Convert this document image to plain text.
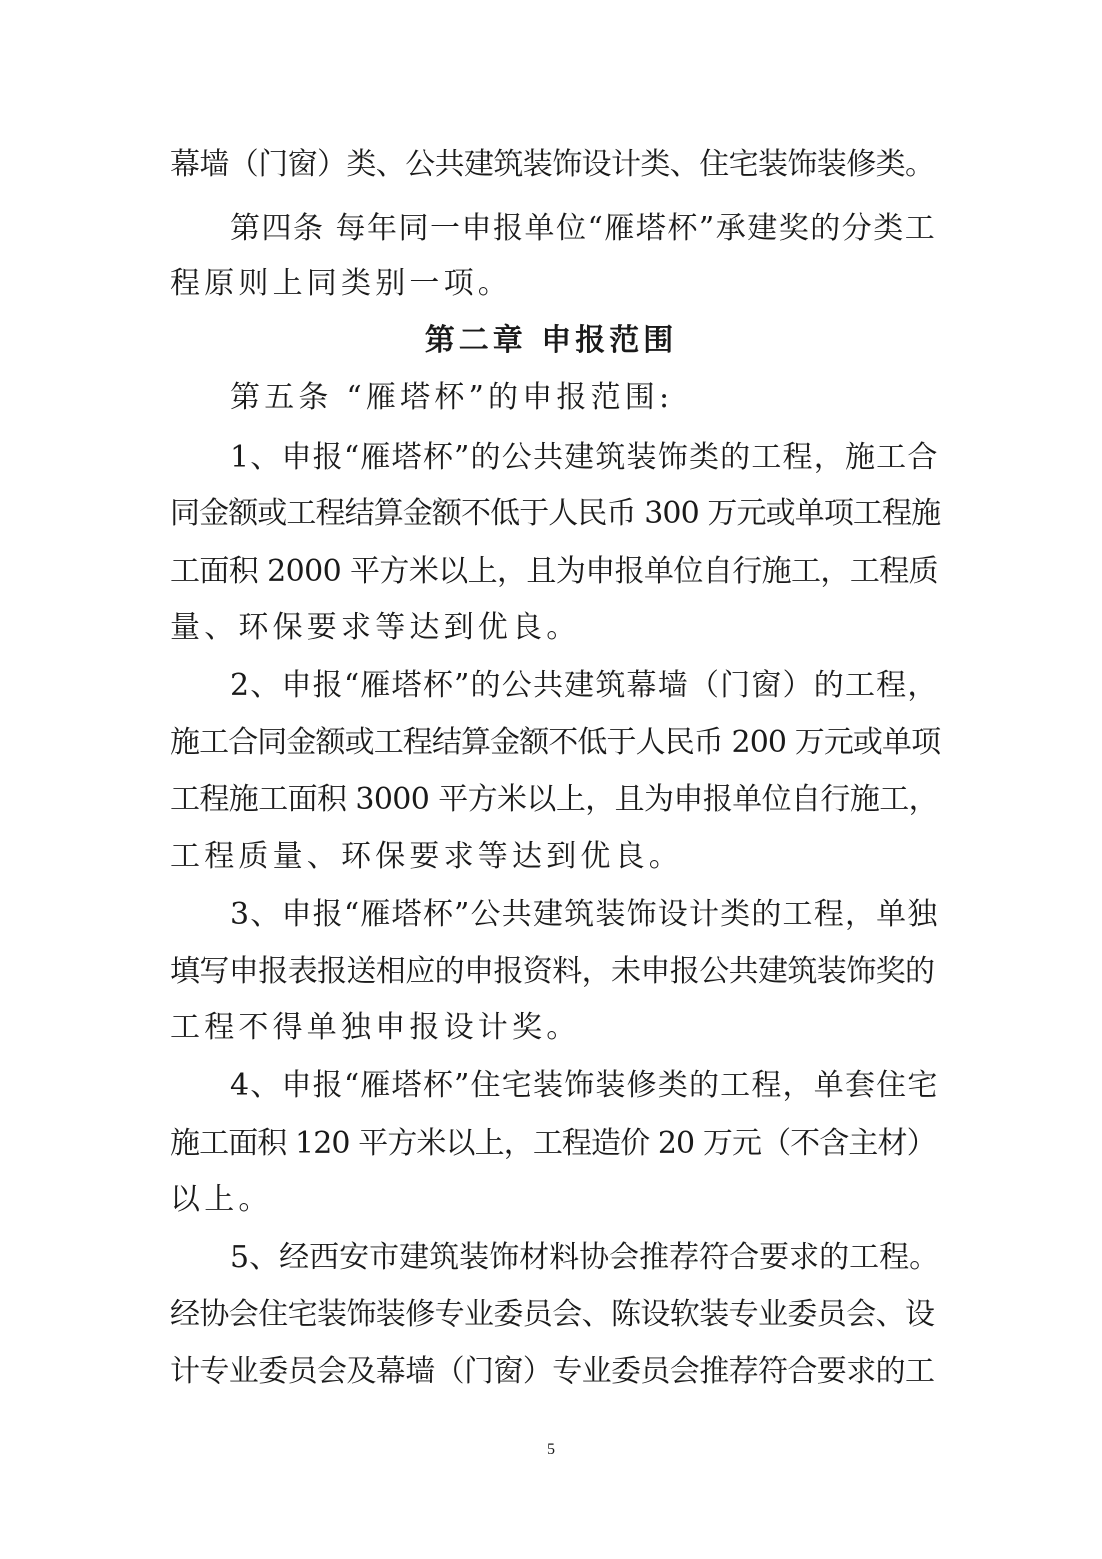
幕墙（门窗）类、公共建筑装饰设计类、住宅装饰装修类。
第四条 每年同一申报单位“雁塔杯”承建奖的分类工
程原则上同类别一项。
第二章 申报范围
第五条 “雁塔杯”的申报范围:
1、申报“雁塔杯”的公共建筑装饰类的工程，施工合
同金额或工程结算金额不低于人民币 300 万元或单项工程施
工面积 2000 平方米以上，且为申报单位自行施工，工程质
量、环保要求等达到优良。
2、申报“雁塔杯”的公共建筑幕墙（门窗）的工程，
施工合同金额或工程结算金额不低于人民币 200 万元或单项
工程施工面积 3000 平方米以上，且为申报单位自行施工，
工程质量、环保要求等达到优良。
3、申报“雁塔杯”公共建筑装饰设计类的工程，单独
填写申报表报送相应的申报资料，未申报公共建筑装饰奖的
工程不得单独申报设计奖。
4、申报“雁塔杯”住宅装饰装修类的工程，单套住宅
施工面积 120 平方米以上，工程造价 20 万元（不含主材）
以上。
5、经西安市建筑装饰材料协会推荐符合要求的工程。
经协会住宅装饰装修专业委员会、陈设软装专业委员会、设
计专业委员会及幕墙（门窗）专业委员会推荐符合要求的工
5
